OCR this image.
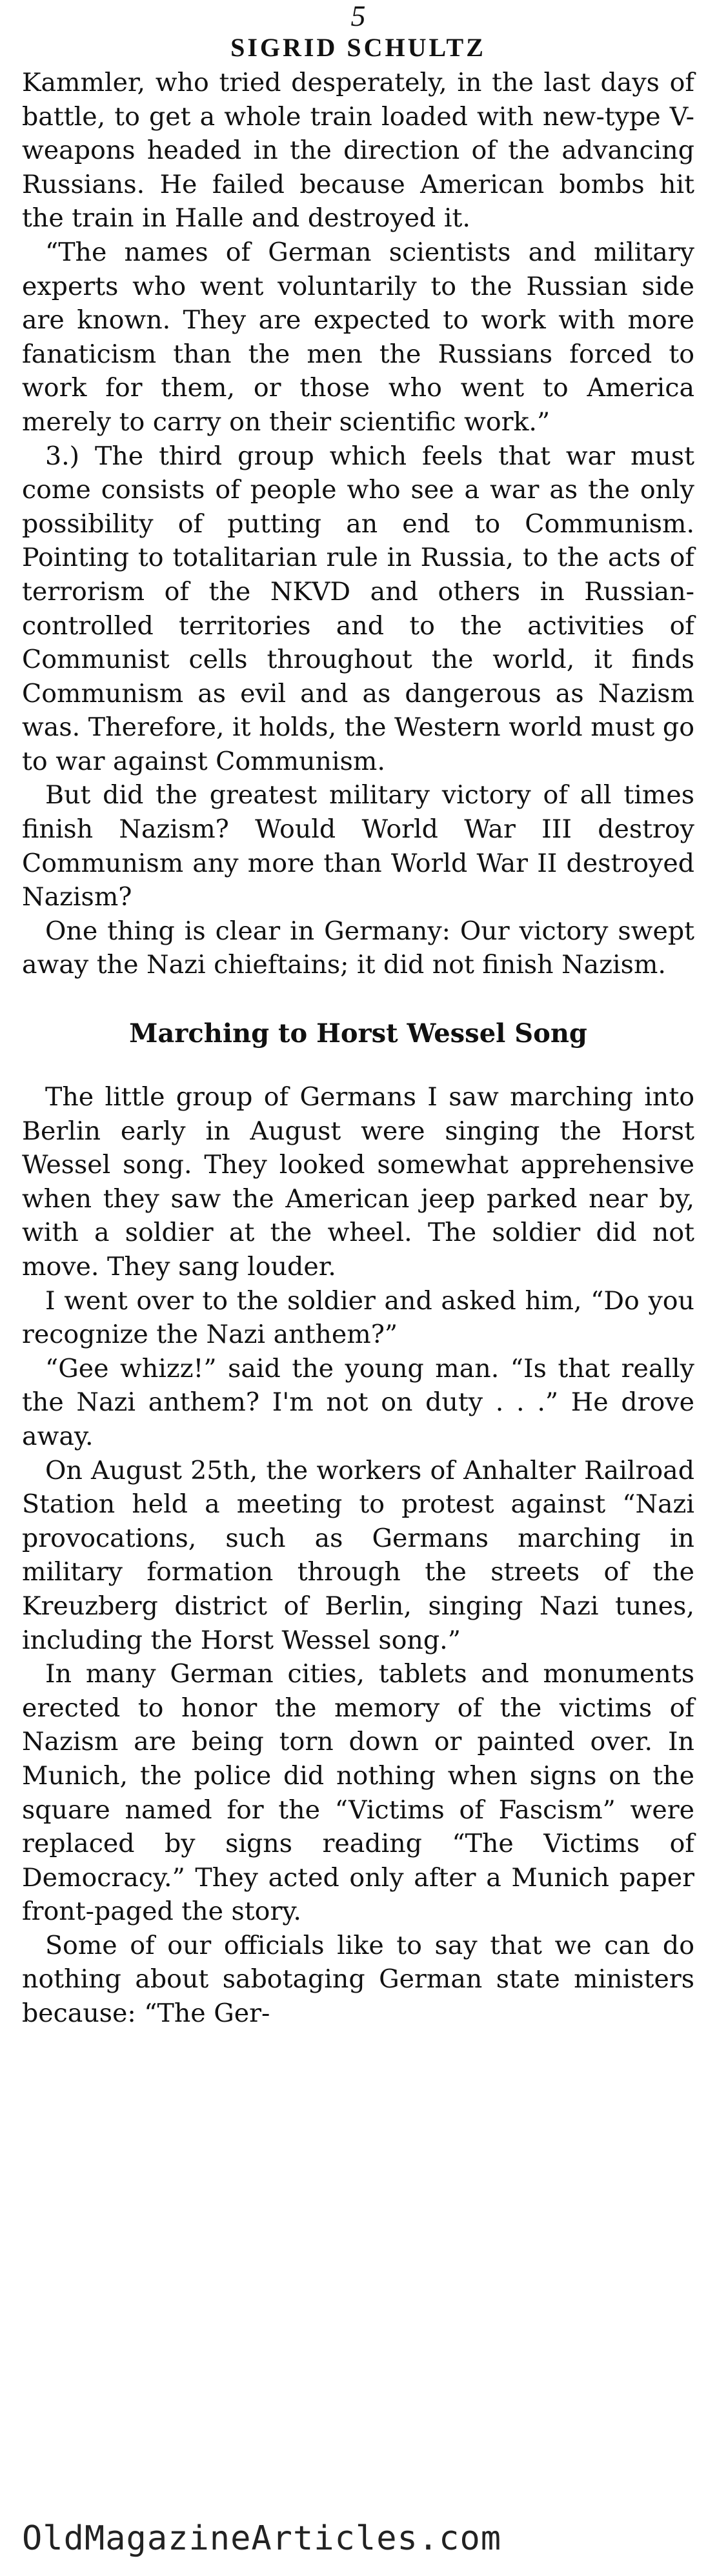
5
SIGRID SCHULTZ

Kammler, who tried desperately, in the last days of battle, to get a whole train loaded with new-type V-weapons headed in the direction of the advancing Russians. He failed because American bombs hit the train in Halle and destroyed it.

“The names of German scientists and military experts who went voluntarily to the Russian side are known. They are expected to work with more fanaticism than the men the Russians forced to work for them, or those who went to America merely to carry on their scientific work.”

3.) The third group which feels that war must come consists of people who see a war as the only possibility of putting an end to Communism. Pointing to totalitarian rule in Russia, to the acts of terrorism of the NKVD and others in Russian-controlled territories and to the activities of Communist cells throughout the world, it finds Communism as evil and as dangerous as Nazism was. Therefore, it holds, the Western world must go to war against Communism.

But did the greatest military victory of all times finish Nazism? Would World War III destroy Communism any more than World War II destroyed Nazism?

One thing is clear in Germany: Our victory swept away the Nazi chieftains; it did not finish Nazism.

Marching to Horst Wessel Song

The little group of Germans I saw marching into Berlin early in August were singing the Horst Wessel song. They looked somewhat apprehensive when they saw the American jeep parked near by, with a soldier at the wheel. The soldier did not move. They sang louder.

I went over to the soldier and asked him, “Do you recognize the Nazi anthem?”

“Gee whizz!” said the young man. “Is that really the Nazi anthem? I'm not on duty . . .” He drove away.

On August 25th, the workers of Anhalter Railroad Station held a meeting to protest against “Nazi provocations, such as Germans marching in military formation through the streets of the Kreuzberg district of Berlin, singing Nazi tunes, including the Horst Wessel song.”

In many German cities, tablets and monuments erected to honor the memory of the victims of Nazism are being torn down or painted over. In Munich, the police did nothing when signs on the square named for the “Victims of Fascism” were replaced by signs reading “The Victims of Democracy.” They acted only after a Munich paper front-paged the story.

Some of our officials like to say that we can do nothing about sabotaging German state ministers because: “The Ger-

OldMagazineArticles.com
